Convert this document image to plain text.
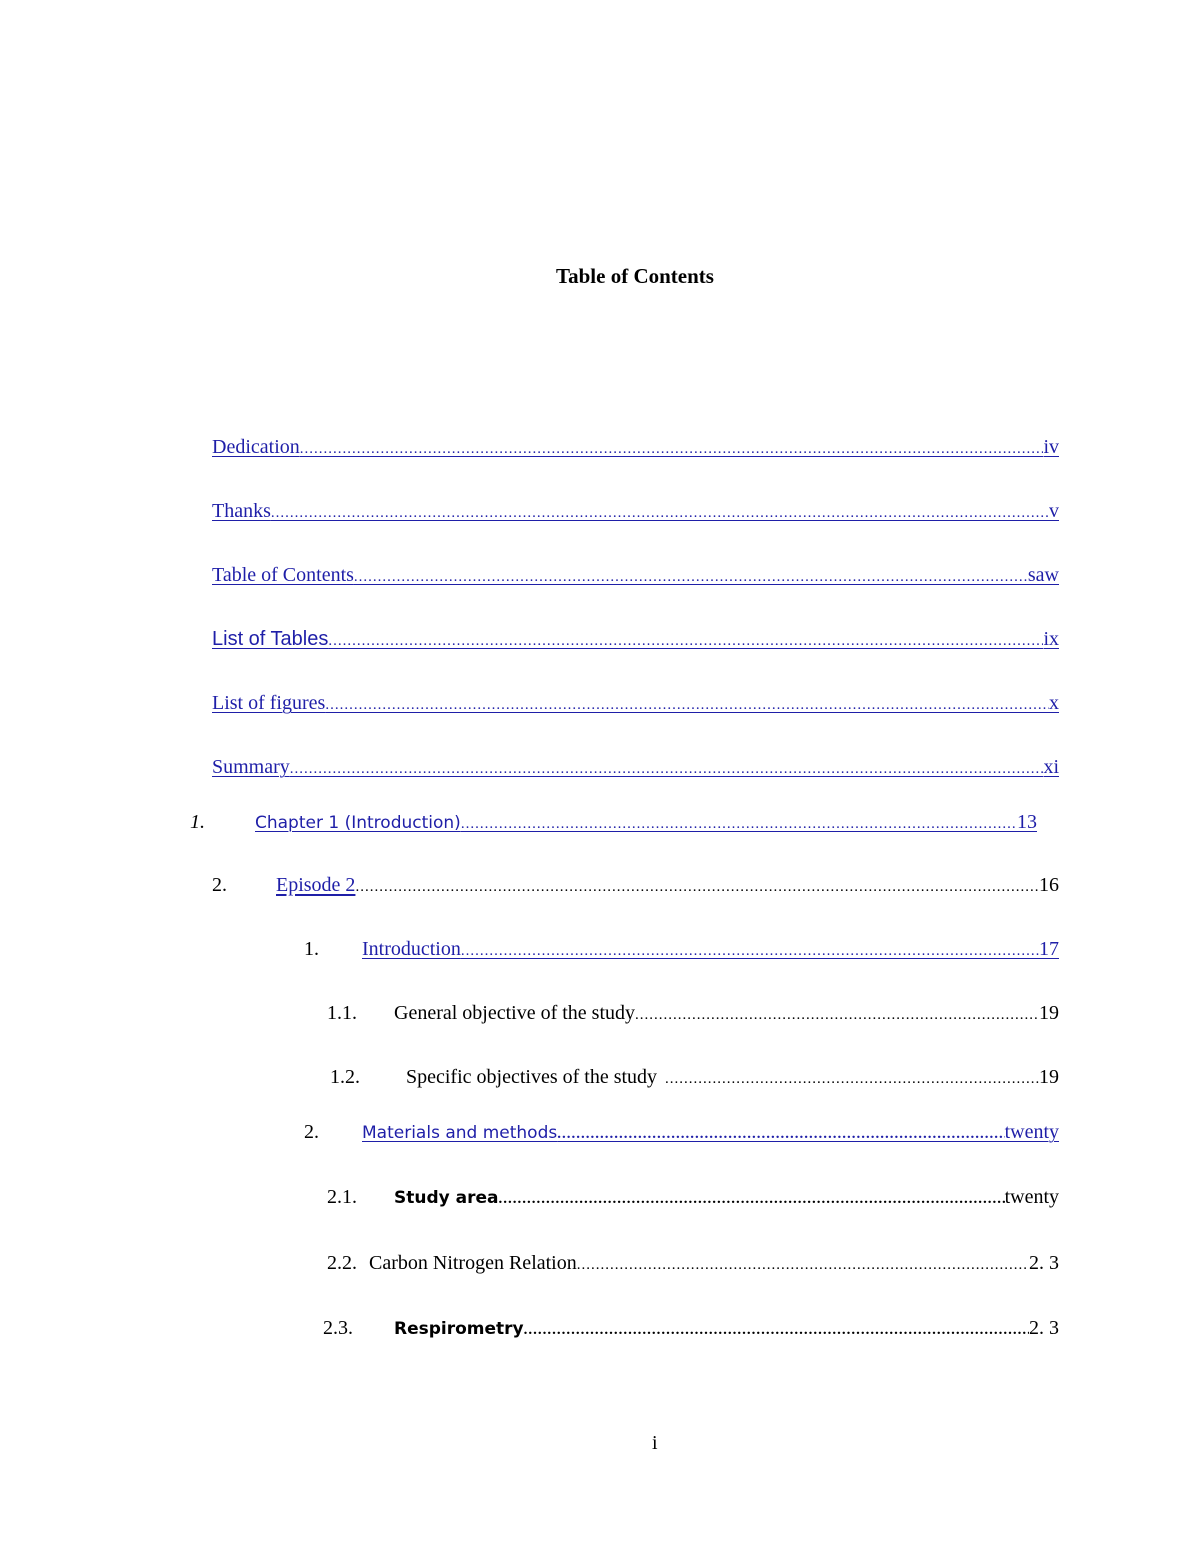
Table of Contents
Dedication .....	iv
Thanks .....	v
Table of Contents .....	saw
List of Tables .....	ix
List of figures .....	x
Summary .....	xi
1.	Chapter 1 (Introduction) .....	13
2.	Episode 2 .....	16
1.	Introduction .....	17
1.1.	General objective of the study .....	19
1.2.	Specific objectives of the study .....	19
2.	Materials and methods .....	twenty
2.1.	Study area .....	twenty
2.2. Carbon Nitrogen Relation .....	2. 3
2.3.	Respirometry .....	2. 3
i
